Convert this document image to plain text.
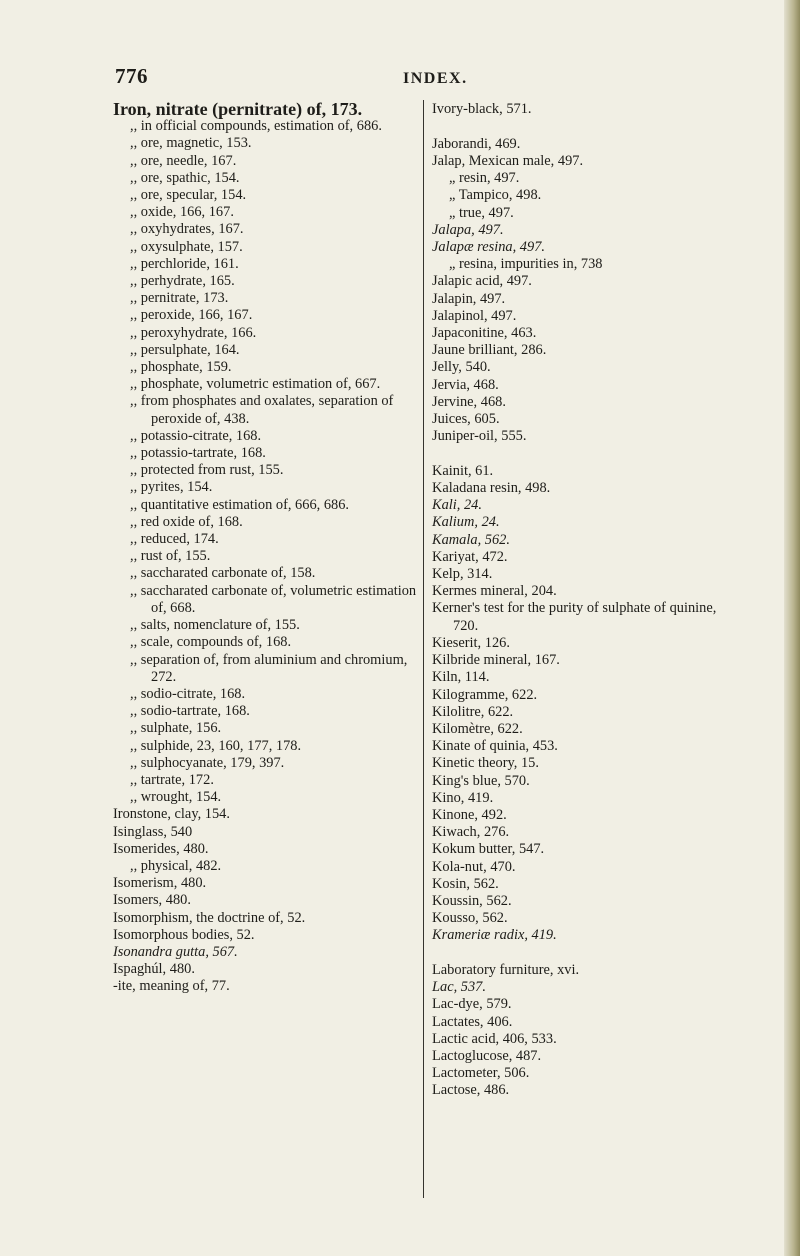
776	INDEX.
Iron, nitrate (pernitrate) of, 173.
,, in official compounds, estimation of, 686.
,, ore, magnetic, 153.
,, ore, needle, 167.
,, ore, spathic, 154.
,, ore, specular, 154.
,, oxide, 166, 167.
,, oxyhydrates, 167.
,, oxysulphate, 157.
,, perchloride, 161.
,, perhydrate, 165.
,, pernitrate, 173.
,, peroxide, 166, 167.
,, peroxyhydrate, 166.
,, persulphate, 164.
,, phosphate, 159.
,, phosphate, volumetric estimation of, 667.
,, from phosphates and oxalates, separation of peroxide of, 438.
,, potassio-citrate, 168.
,, potassio-tartrate, 168.
,, protected from rust, 155.
,, pyrites, 154.
,, quantitative estimation of, 666, 686.
,, red oxide of, 168.
,, reduced, 174.
,, rust of, 155.
,, saccharated carbonate of, 158.
,, saccharated carbonate of, volumetric estimation of, 668.
,, salts, nomenclature of, 155.
,, scale, compounds of, 168.
,, separation of, from aluminium and chromium, 272.
,, sodio-citrate, 168.
,, sodio-tartrate, 168.
,, sulphate, 156.
,, sulphide, 23, 160, 177, 178.
,, sulphocyanate, 179, 397.
,, tartrate, 172.
,, wrought, 154.
Ironstone, clay, 154.
Isinglass, 540
Isomerides, 480.
,, physical, 482.
Isomerism, 480.
Isomers, 480.
Isomorphism, the doctrine of, 52.
Isomorphous bodies, 52.
Isonandra gutta, 567.
Ispaghúl, 480.
-ite, meaning of, 77.
Ivory-black, 571.
Jaborandi, 469.
Jalap, Mexican male, 497.
„ resin, 497.
„ Tampico, 498.
„ true, 497.
Jalapa, 497.
Jalapæ resina, 497.
„ resina, impurities in, 738
Jalapic acid, 497.
Jalapin, 497.
Jalapinol, 497.
Japaconitine, 463.
Jaune brilliant, 286.
Jelly, 540.
Jervia, 468.
Jervine, 468.
Juices, 605.
Juniper-oil, 555.
Kainit, 61.
Kaladana resin, 498.
Kali, 24.
Kalium, 24.
Kamala, 562.
Kariyat, 472.
Kelp, 314.
Kermes mineral, 204.
Kerner's test for the purity of sulphate of quinine, 720.
Kieserit, 126.
Kilbride mineral, 167.
Kiln, 114.
Kilogramme, 622.
Kilolitre, 622.
Kilomètre, 622.
Kinate of quinia, 453.
Kinetic theory, 15.
King's blue, 570.
Kino, 419.
Kinone, 492.
Kiwach, 276.
Kokum butter, 547.
Kola-nut, 470.
Kosin, 562.
Koussin, 562.
Kousso, 562.
Krameriæ radix, 419.
Laboratory furniture, xvi.
Lac, 537.
Lac-dye, 579.
Lactates, 406.
Lactic acid, 406, 533.
Lactoglucose, 487.
Lactometer, 506.
Lactose, 486.
